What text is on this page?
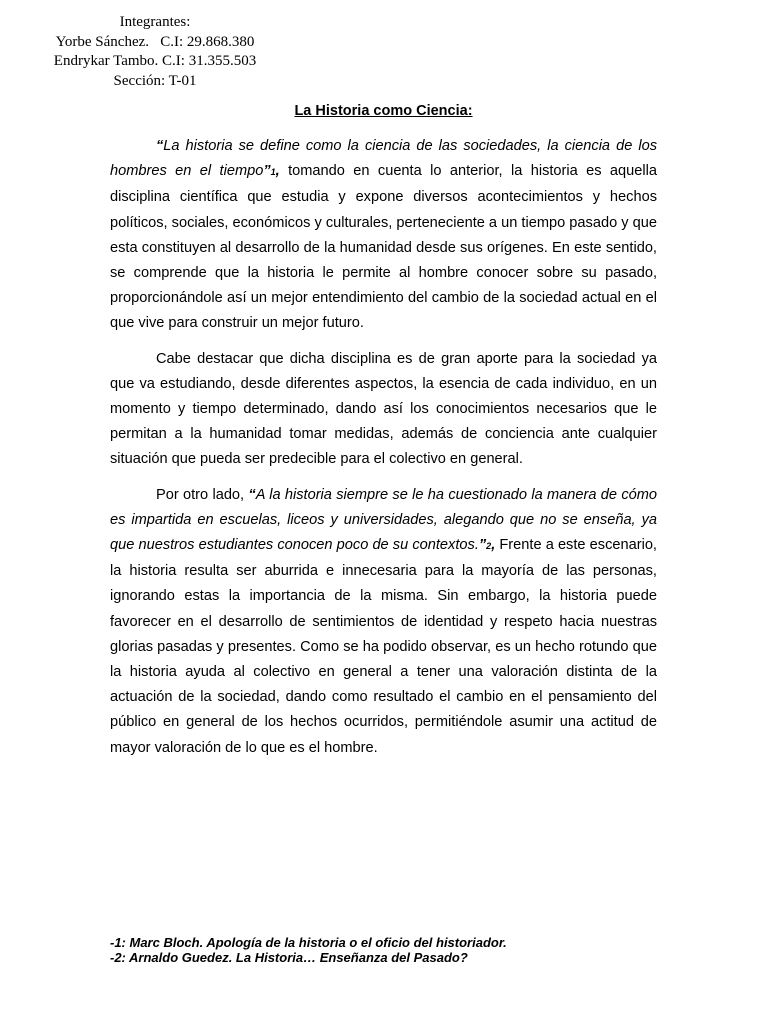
Integrantes:
Yorbe Sánchez.   C.I: 29.868.380
Endrykar Tambo. C.I: 31.355.503
Sección: T-01
La Historia como Ciencia:

“La historia se define como la ciencia de las sociedades, la ciencia de los hombres en el tiempo”1, tomando en cuenta lo anterior, la historia es aquella disciplina científica que estudia y expone diversos acontecimientos y hechos políticos, sociales, económicos y culturales, perteneciente a un tiempo pasado y que esta constituyen al desarrollo de la humanidad desde sus orígenes. En este sentido, se comprende que la historia le permite al hombre conocer sobre su pasado, proporcionándole así un mejor entendimiento del cambio de la sociedad actual en el que vive para construir un mejor futuro.

Cabe destacar que dicha disciplina es de gran aporte para la sociedad ya que va estudiando, desde diferentes aspectos, la esencia de cada individuo, en un momento y tiempo determinado, dando así los conocimientos necesarios que le permitan a la humanidad tomar medidas, además de conciencia ante cualquier situación que pueda ser predecible para el colectivo en general.

Por otro lado, “A la historia siempre se le ha cuestionado la manera de cómo es impartida en escuelas, liceos y universidades, alegando que no se enseña, ya que nuestros estudiantes conocen poco de su contextos.”2, Frente a este escenario, la historia resulta ser aburrida e innecesaria para la mayoría de las personas, ignorando estas la importancia de la misma. Sin embargo, la historia puede favorecer en el desarrollo de sentimientos de identidad y respeto hacia nuestras glorias pasadas y presentes. Como se ha podido observar, es un hecho rotundo que la historia ayuda al colectivo en general a tener una valoración distinta de la actuación de la sociedad, dando como resultado el cambio en el pensamiento del público en general de los hechos ocurridos, permitiéndole asumir una actitud de mayor valoración de lo que es el hombre.

-1: Marc Bloch. Apología de la historia o el oficio del historiador.
-2: Arnaldo Guedez. La Historia… Enseñanza del Pasado?
